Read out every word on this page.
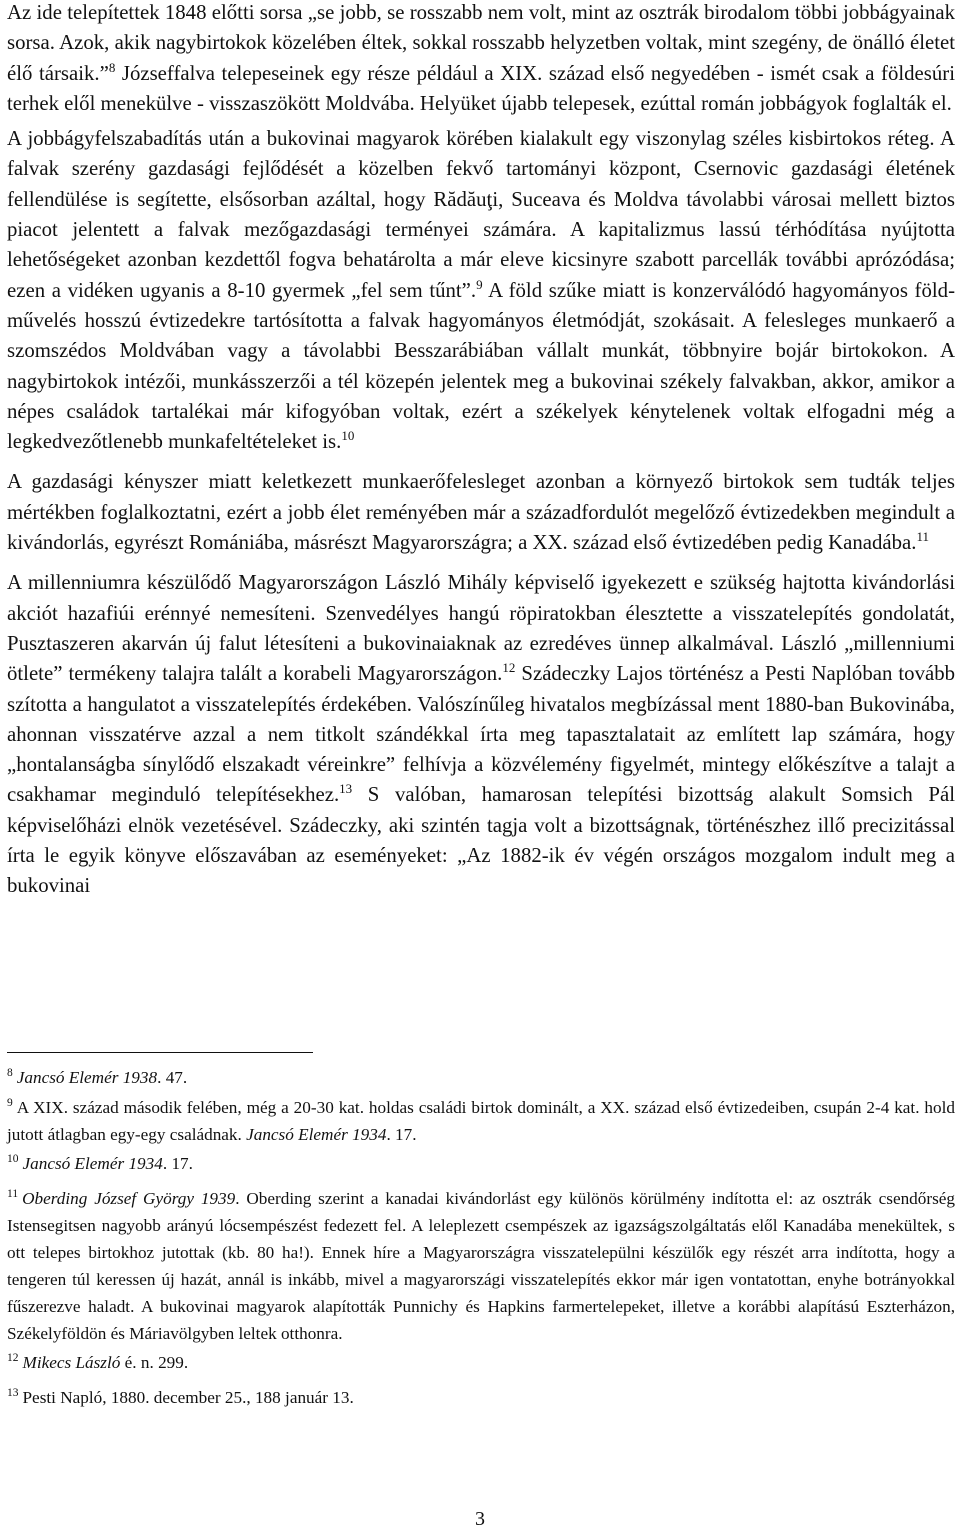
Az ide telepítettek 1848 előtti sorsa „se jobb, se rosszabb nem volt, mint az osztrák birodalom többi jobbágyainak sorsa. Azok, akik nagybirtokok közelében éltek, sokkal rosszabb helyzetben voltak, mint szegény, de önálló életet élő társaik.”$^8$ Józseffalva telepeseinek egy része például a XIX. század első negyedében - ismét csak a földesúri terhek elől menekülve - visszaszökött Moldvába. Helyüket újabb telepesek, ezúttal román jobbágyok foglalták el.

A jobbágyfelszabadítás után a bukovinai magyarok körében kialakult egy viszonylag széles kisbirtokos réteg. A falvak szerény gazdasági fejlődését a közelben fekvő tartományi központ, Csernovic gazdasági életének fellendülése is segítette, elsősorban azáltal, hogy Rădăuţi, Suceava és Moldva távolabbi városai mellett biztos piacot jelentett a falvak mezőgazdasági terményei számára. A kapitalizmus lassú térhódítása nyújtotta lehetőségeket azonban kezdettől fogva behatárolta a már eleve kicsinyre szabott parcellák további aprózódása; ezen a vidéken ugyanis a 8-10 gyermek „fel sem tűnt”.$^9$ A föld szűke miatt is konzerválódó hagyományos földművelés hosszú évtizedekre tartósította a falvak hagyományos életmódját, szokásait. A felesleges munkaerő a szomszédos Moldvában vagy a távolabbi Besszarábiában vállalt munkát, többnyire bojár birtokokon. A nagybirtokok intézői, munkásszerzői a tél közepén jelentek meg a bukovinai székely falvakban, akkor, amikor a népes családok tartalékai már kifogyóban voltak, ezért a székelyek kénytelenek voltak elfogadni még a legkedvezőtlenebb munkafeltételeket is.$^{10}$

A gazdasági kényszer miatt keletkezett munkaerőfelesleget azonban a környező birtokok sem tudták teljes mértékben foglalkoztatni, ezért a jobb élet reményében már a századfordulót megelőző évtizedekben megindult a kivándorlás, egyrészt Romániába, másrészt Magyarországra; a XX. század első évtizedében pedig Kanadába.$^{11}$

A millenniumra készülődő Magyarországon László Mihály képviselő igyekezett e szükség hajtotta kivándorlási akciót hazafiúi erénnyé nemesíteni. Szenvedélyes hangú röpiratokban élesztette a visszatelepítés gondolatát, Pusztaszeren akarván új falut létesíteni a bukovinaiaknak az ezredéves ünnep alkalmával. László „millenniumi ötlete” termékeny talajra talált a korabeli Magyarországon.$^{12}$ Szádeczky Lajos történész a Pesti Naplóban tovább szította a hangulatot a visszatelepítés érdekében. Valószínűleg hivatalos megbízással ment 1880-ban Bukovinába, ahonnan visszatérve azzal a nem titkolt szándékkal írta meg tapasztalatait az említett lap számára, hogy „hontalanságba sínylődő elszakadt véreinkre” felhívja a közvélemény figyelmét, mintegy előkészítve a talajt a csakhamar meginduló telepítésekhez.$^{13}$ S valóban, hamarosan telepítési bizottság alakult Somsich Pál képviselőházi elnök vezetésével. Szádeczky, aki szintén tagja volt a bizottságnak, történészhez illő precizitással írta le egyik könyve előszavában az eseményeket: „Az 1882-ik év végén országos mozgalom indult meg a bukovinai

$^8$ Jancsó Elemér 1938. 47.

$^9$ A XIX. század második felében, még a 20-30 kat. holdas családi birtok dominált, a XX. század első évtizedeiben, csupán 2-4 kat. hold jutott átlagban egy-egy családnak. Jancsó Elemér 1934. 17.

$^{10}$ Jancsó Elemér 1934. 17.

$^{11}$ Oberding József György 1939. Oberding szerint a kanadai kivándorlást egy különös körülmény indította el: az osztrák csendőrség Istensegitsen nagyobb arányú lócsempészést fedezett fel. A leleplezett csempészek az igazságszolgáltatás elől Kanadába menekültek, s ott telepes birtokhoz jutottak (kb. 80 ha!). Ennek híre a Magyarországra visszatelepülni készülők egy részét arra indította, hogy a tengeren túl keressen új hazát, annál is inkább, mivel a magyarországi visszatelepítés ekkor már igen vontatottan, enyhe botrányokkal fűszerezve haladt. A bukovinai magyarok alapították Punnichy és Hapkins farmertelepeket, illetve a korábbi alapítású Eszterházon, Székelyföldön és Máriavölgyben leltek otthonra.

$^{12}$ Mikecs László é. n. 299.

$^{13}$ Pesti Napló, 1880. december 25., 188 január 13.

3
